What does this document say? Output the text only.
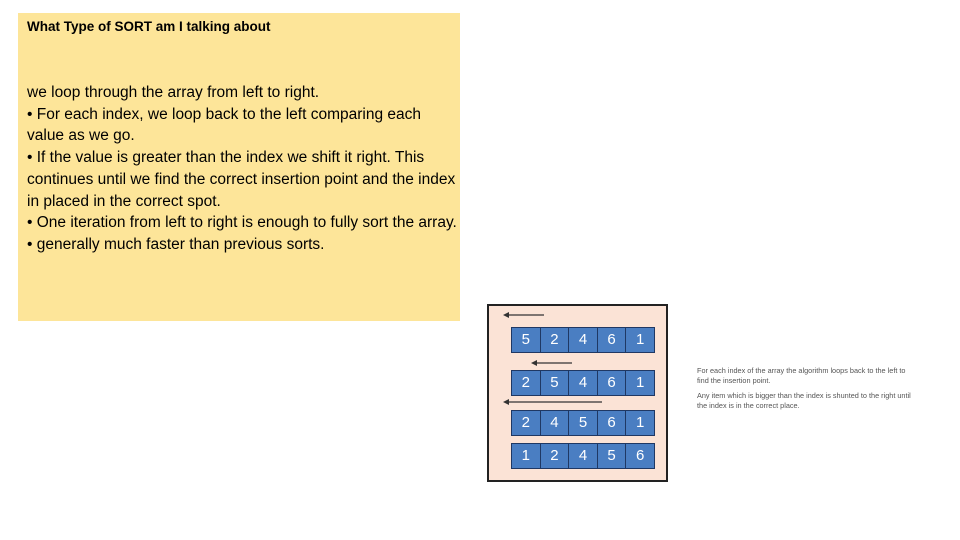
What Type of SORT am I talking about
we loop through the array from left to right.
• For each index, we loop back to the left comparing each value as we go.
• If the value is greater than the index we shift it right. This continues until we find the correct insertion point and the index in placed in the correct spot.
• One iteration from left to right is enough to fully sort the array.
• generally much faster than previous sorts.
5	2	4	6	1
2	5	4	6	1
2	4	5	6	1
1	2	4	5	6

For each index of the array the algorithm loops back to the left to find the insertion point.

Any item which is bigger than the index is shunted to the right until the index is in the correct place.
